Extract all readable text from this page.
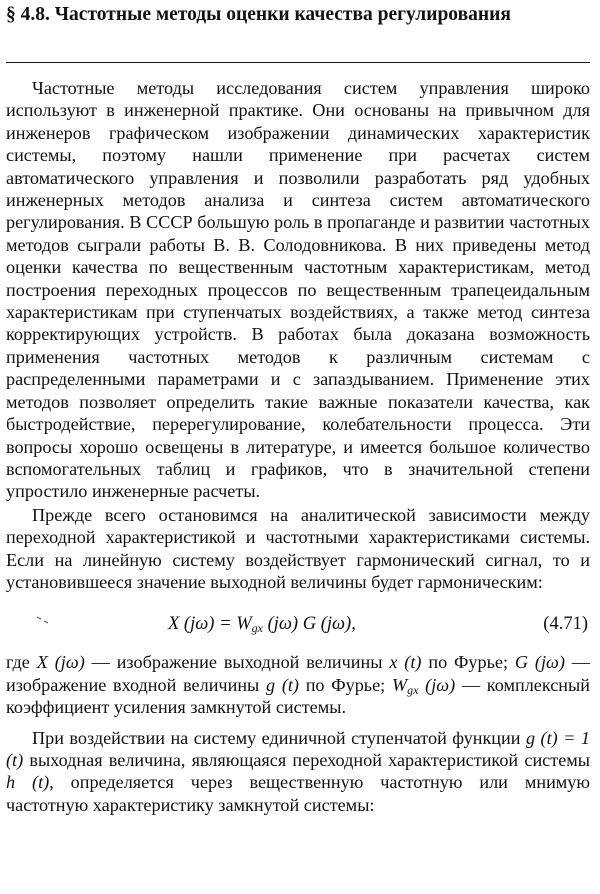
§ 4.8. Частотные методы оценки качества регулирования

Частотные методы исследования систем управления широко используют в инженерной практике. Они основаны на привычном для инженеров графическом изображении динамических характеристик системы, поэтому нашли применение при расчетах систем автоматического управления и позволили разработать ряд удобных инженерных методов анализа и синтеза систем автоматического регулирования. В СССР большую роль в пропаганде и развитии частотных методов сыграли работы В. В. Солодовникова. В них приведены метод оценки качества по вещественным частотным характеристикам, метод построения переходных процессов по вещественным трапецеидальным характеристикам при ступенчатых воздействиях, а также метод синтеза корректирующих устройств. В работах была доказана возможность применения частотных методов к различным системам с распределенными параметрами и с запаздыванием. Применение этих методов позволяет определить такие важные показатели качества, как быстродействие, перерегулирование, колебательности процесса. Эти вопросы хорошо освещены в литературе, и имеется большое количество вспомогательных таблиц и графиков, что в значительной степени упростило инженерные расчеты.

Прежде всего остановимся на аналитической зависимости между переходной характеристикой и частотными характеристиками системы. Если на линейную систему воздействует гармонический сигнал, то и установившееся значение выходной величины будет гармоническим:

X $(j\omega) = W_{gx}$ (jω) G (jω),	(4.71)

где X (jω) — изображение выходной величины x (t) по Фурье; G (jω) — изображение входной величины g (t) по Фурье; $W_{gx}$ (jω) — комплексный коэффициент усиления замкнутой системы.

При воздействии на систему единичной ступенчатой функции g (t) = 1 (t) выходная величина, являющаяся переходной характеристикой системы h (t), определяется через вещественную частотную или мнимую частотную характеристику замкнутой системы:
